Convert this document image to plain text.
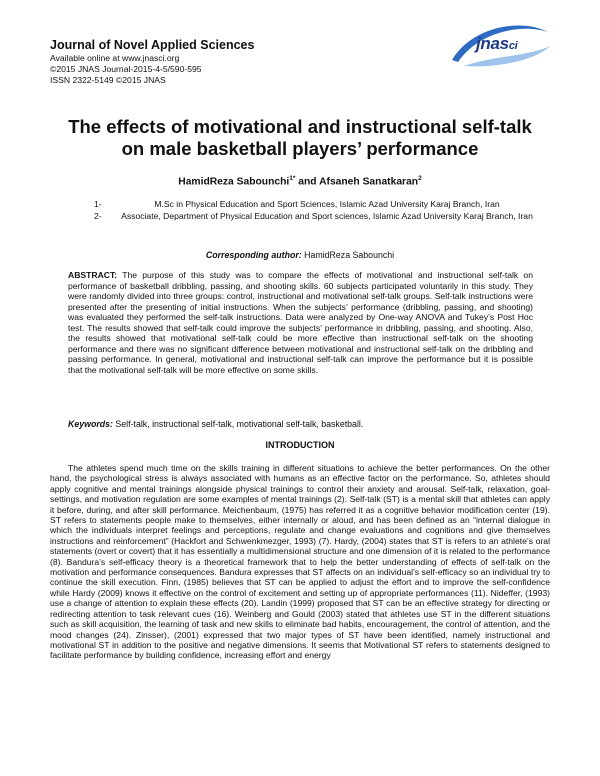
Journal of Novel Applied Sciences
Available online at www.jnasci.org
©2015 JNAS Journal-2015-4-5/590-595
ISSN 2322-5149 ©2015 JNAS
jnasci
The effects of motivational and instructional self-talk on male basketball players’ performance
HamidReza Sabounchi$^{1*}$ and Afsaneh Sanatkaran$^2$
1-	M.Sc in Physical Education and Sport Sciences, Islamic Azad University Karaj Branch, Iran
2-	Associate, Department of Physical Education and Sport sciences, Islamic Azad University Karaj Branch, Iran
Corresponding author: HamidReza Sabounchi
ABSTRACT: The purpose of this study was to compare the effects of motivational and instructional self-talk on performance of basketball dribbling, passing, and shooting skills. 60 subjects participated voluntarily in this study. They were randomly divided into three groups: control, instructional and motivational self-talk groups. Self-talk instructions were presented after the presenting of initial instructions. When the subjects’ performance (dribbling, passing, and shooting) was evaluated they performed the self-talk instructions. Data were analyzed by One-way ANOVA and Tukey’s Post Hoc test. The results showed that self-talk could improve the subjects’ performance in dribbling, passing, and shooting. Also, the results showed that motivational self-talk could be more effective than instructional self-talk on the shooting performance and there was no significant difference between motivational and instructional self-talk on the dribbling and passing performance. In general, motivational and instructional self-talk can improve the performance but it is possible that the motivational self-talk will be more effective on some skills.
Keywords: Self-talk, instructional self-talk, motivational self-talk, basketball.
INTRODUCTION
The athletes spend much time on the skills training in different situations to achieve the better performances. On the other hand, the psychological stress is always associated with humans as an effective factor on the performance. So, athletes should apply cognitive and mental trainings alongside physical trainings to control their anxiety and arousal. Self-talk, relaxation, goal-settings, and motivation regulation are some examples of mental trainings (2). Self-talk (ST) is a mental skill that athletes can apply it before, during, and after skill performance. Meichenbaum, (1975) has referred it as a cognitive behavior modification center (19). ST refers to statements people make to themselves, either internally or aloud, and has been defined as an “internal dialogue in which the individuals interpret feelings and perceptions, regulate and change evaluations and cognitions and give themselves instructions and reinforcement” (Hackfort and Schwenkmezger, 1993) (7). Hardy, (2004) states that ST is refers to an athlete’s oral statements (overt or covert) that it has essentially a multidimensional structure and one dimension of it is related to the performance (8). Bandura’s self-efficacy theory is a theoretical framework that to help the better understanding of effects of self-talk on the motivation and performance consequences. Bandura expresses that ST affects on an individual’s self-efficacy so an individual try to continue the skill execution. Finn, (1985) believes that ST can be applied to adjust the effort and to improve the self-confidence while Hardy (2009) knows it effective on the control of excitement and setting up of appropriate performances (11). Nideffer, (1993) use a change of attention to explain these effects (20). Landin (1999) proposed that ST can be an effective strategy for directing or redirecting attention to task relevant cues (16). Weinberg and Gould (2003) stated that athletes use ST in the different situations such as skill acquisition, the learning of task and new skills to eliminate bad habits, encouragement, the control of attention, and the mood changes (24). Zinsser), (2001) expressed that two major types of ST have been identified, namely instructional and motivational ST in addition to the positive and negative dimensions. It seems that Motivational ST refers to statements designed to facilitate performance by building confidence, increasing effort and energy
